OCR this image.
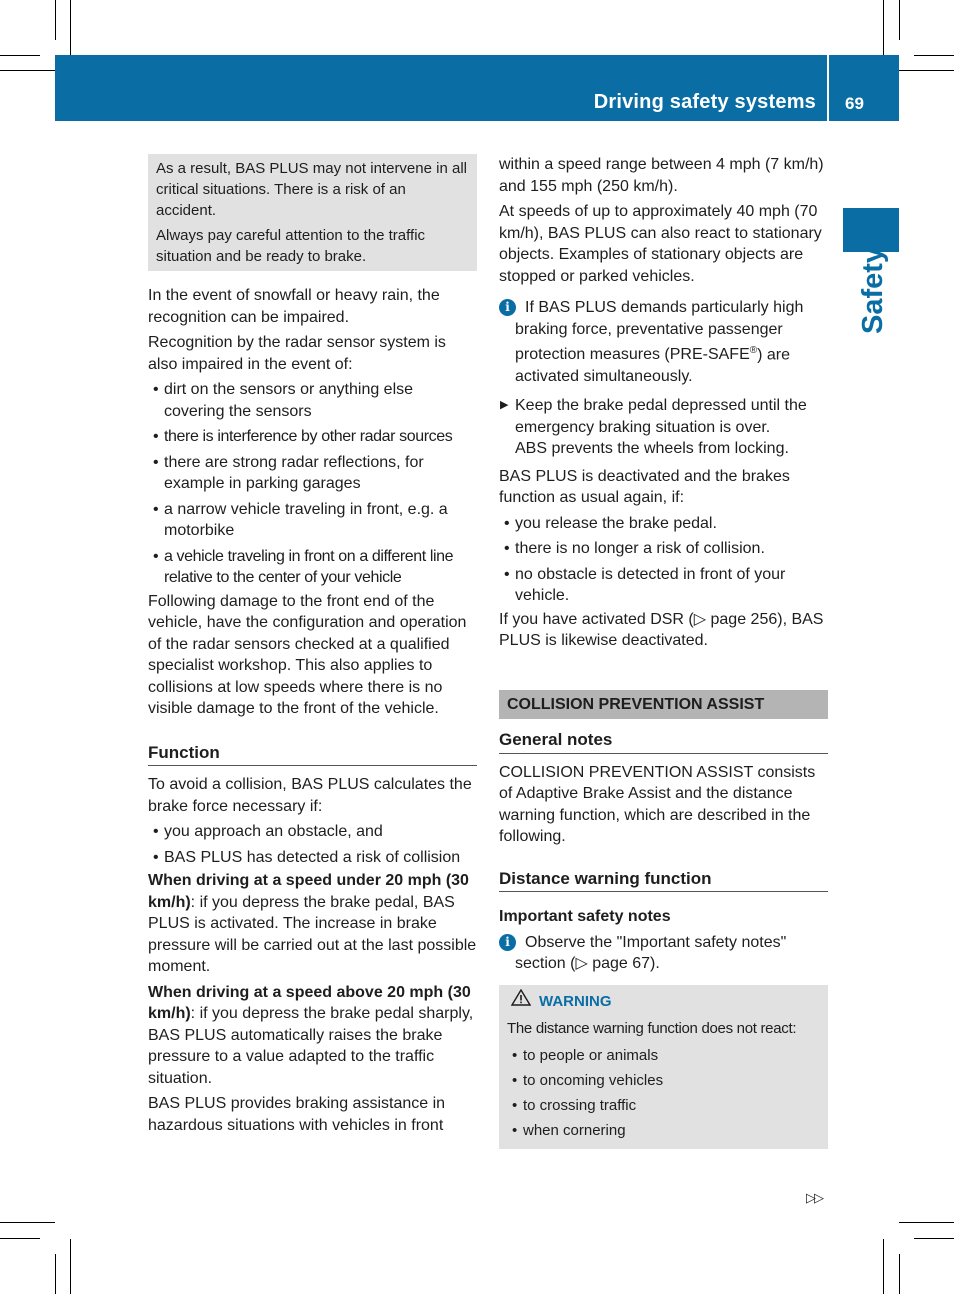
Driving safety systems 69
Safety

As a result, BAS PLUS may not intervene in all critical situations. There is a risk of an accident.

Always pay careful attention to the traffic situation and be ready to brake.

In the event of snowfall or heavy rain, the recognition can be impaired.

Recognition by the radar sensor system is also impaired in the event of:

• dirt on the sensors or anything else covering the sensors
• there is interference by other radar sources
• there are strong radar reflections, for example in parking garages
• a narrow vehicle traveling in front, e.g. a motorbike
• a vehicle traveling in front on a different line relative to the center of your vehicle

Following damage to the front end of the vehicle, have the configuration and operation of the radar sensors checked at a qualified specialist workshop. This also applies to collisions at low speeds where there is no visible damage to the front of the vehicle.

Function

To avoid a collision, BAS PLUS calculates the brake force necessary if:

• you approach an obstacle, and
• BAS PLUS has detected a risk of collision

When driving at a speed under 20 mph (30 km/h): if you depress the brake pedal, BAS PLUS is activated. The increase in brake pressure will be carried out at the last possible moment.

When driving at a speed above 20 mph (30 km/h): if you depress the brake pedal sharply, BAS PLUS automatically raises the brake pressure to a value adapted to the traffic situation.

BAS PLUS provides braking assistance in hazardous situations with vehicles in front

within a speed range between 4 mph (7 km/h) and 155 mph (250 km/h).

At speeds of up to approximately 40 mph (70 km/h), BAS PLUS can also react to stationary objects. Examples of stationary objects are stopped or parked vehicles.

i If BAS PLUS demands particularly high braking force, preventative passenger protection measures (PRE-SAFE®) are activated simultaneously.
▶ Keep the brake pedal depressed until the emergency braking situation is over.
ABS prevents the wheels from locking.

BAS PLUS is deactivated and the brakes function as usual again, if:

• you release the brake pedal.
• there is no longer a risk of collision.
• no obstacle is detected in front of your vehicle.

If you have activated DSR (▷ page 256), BAS PLUS is likewise deactivated.

COLLISION PREVENTION ASSIST
General notes

COLLISION PREVENTION ASSIST consists of Adaptive Brake Assist and the distance warning function, which are described in the following.

Distance warning function
Important safety notes
i Observe the "Important safety notes" section (▷ page 67).
WARNING

The distance warning function does not react:

• to people or animals
• to oncoming vehicles
• to crossing traffic
• when cornering
▷▷
